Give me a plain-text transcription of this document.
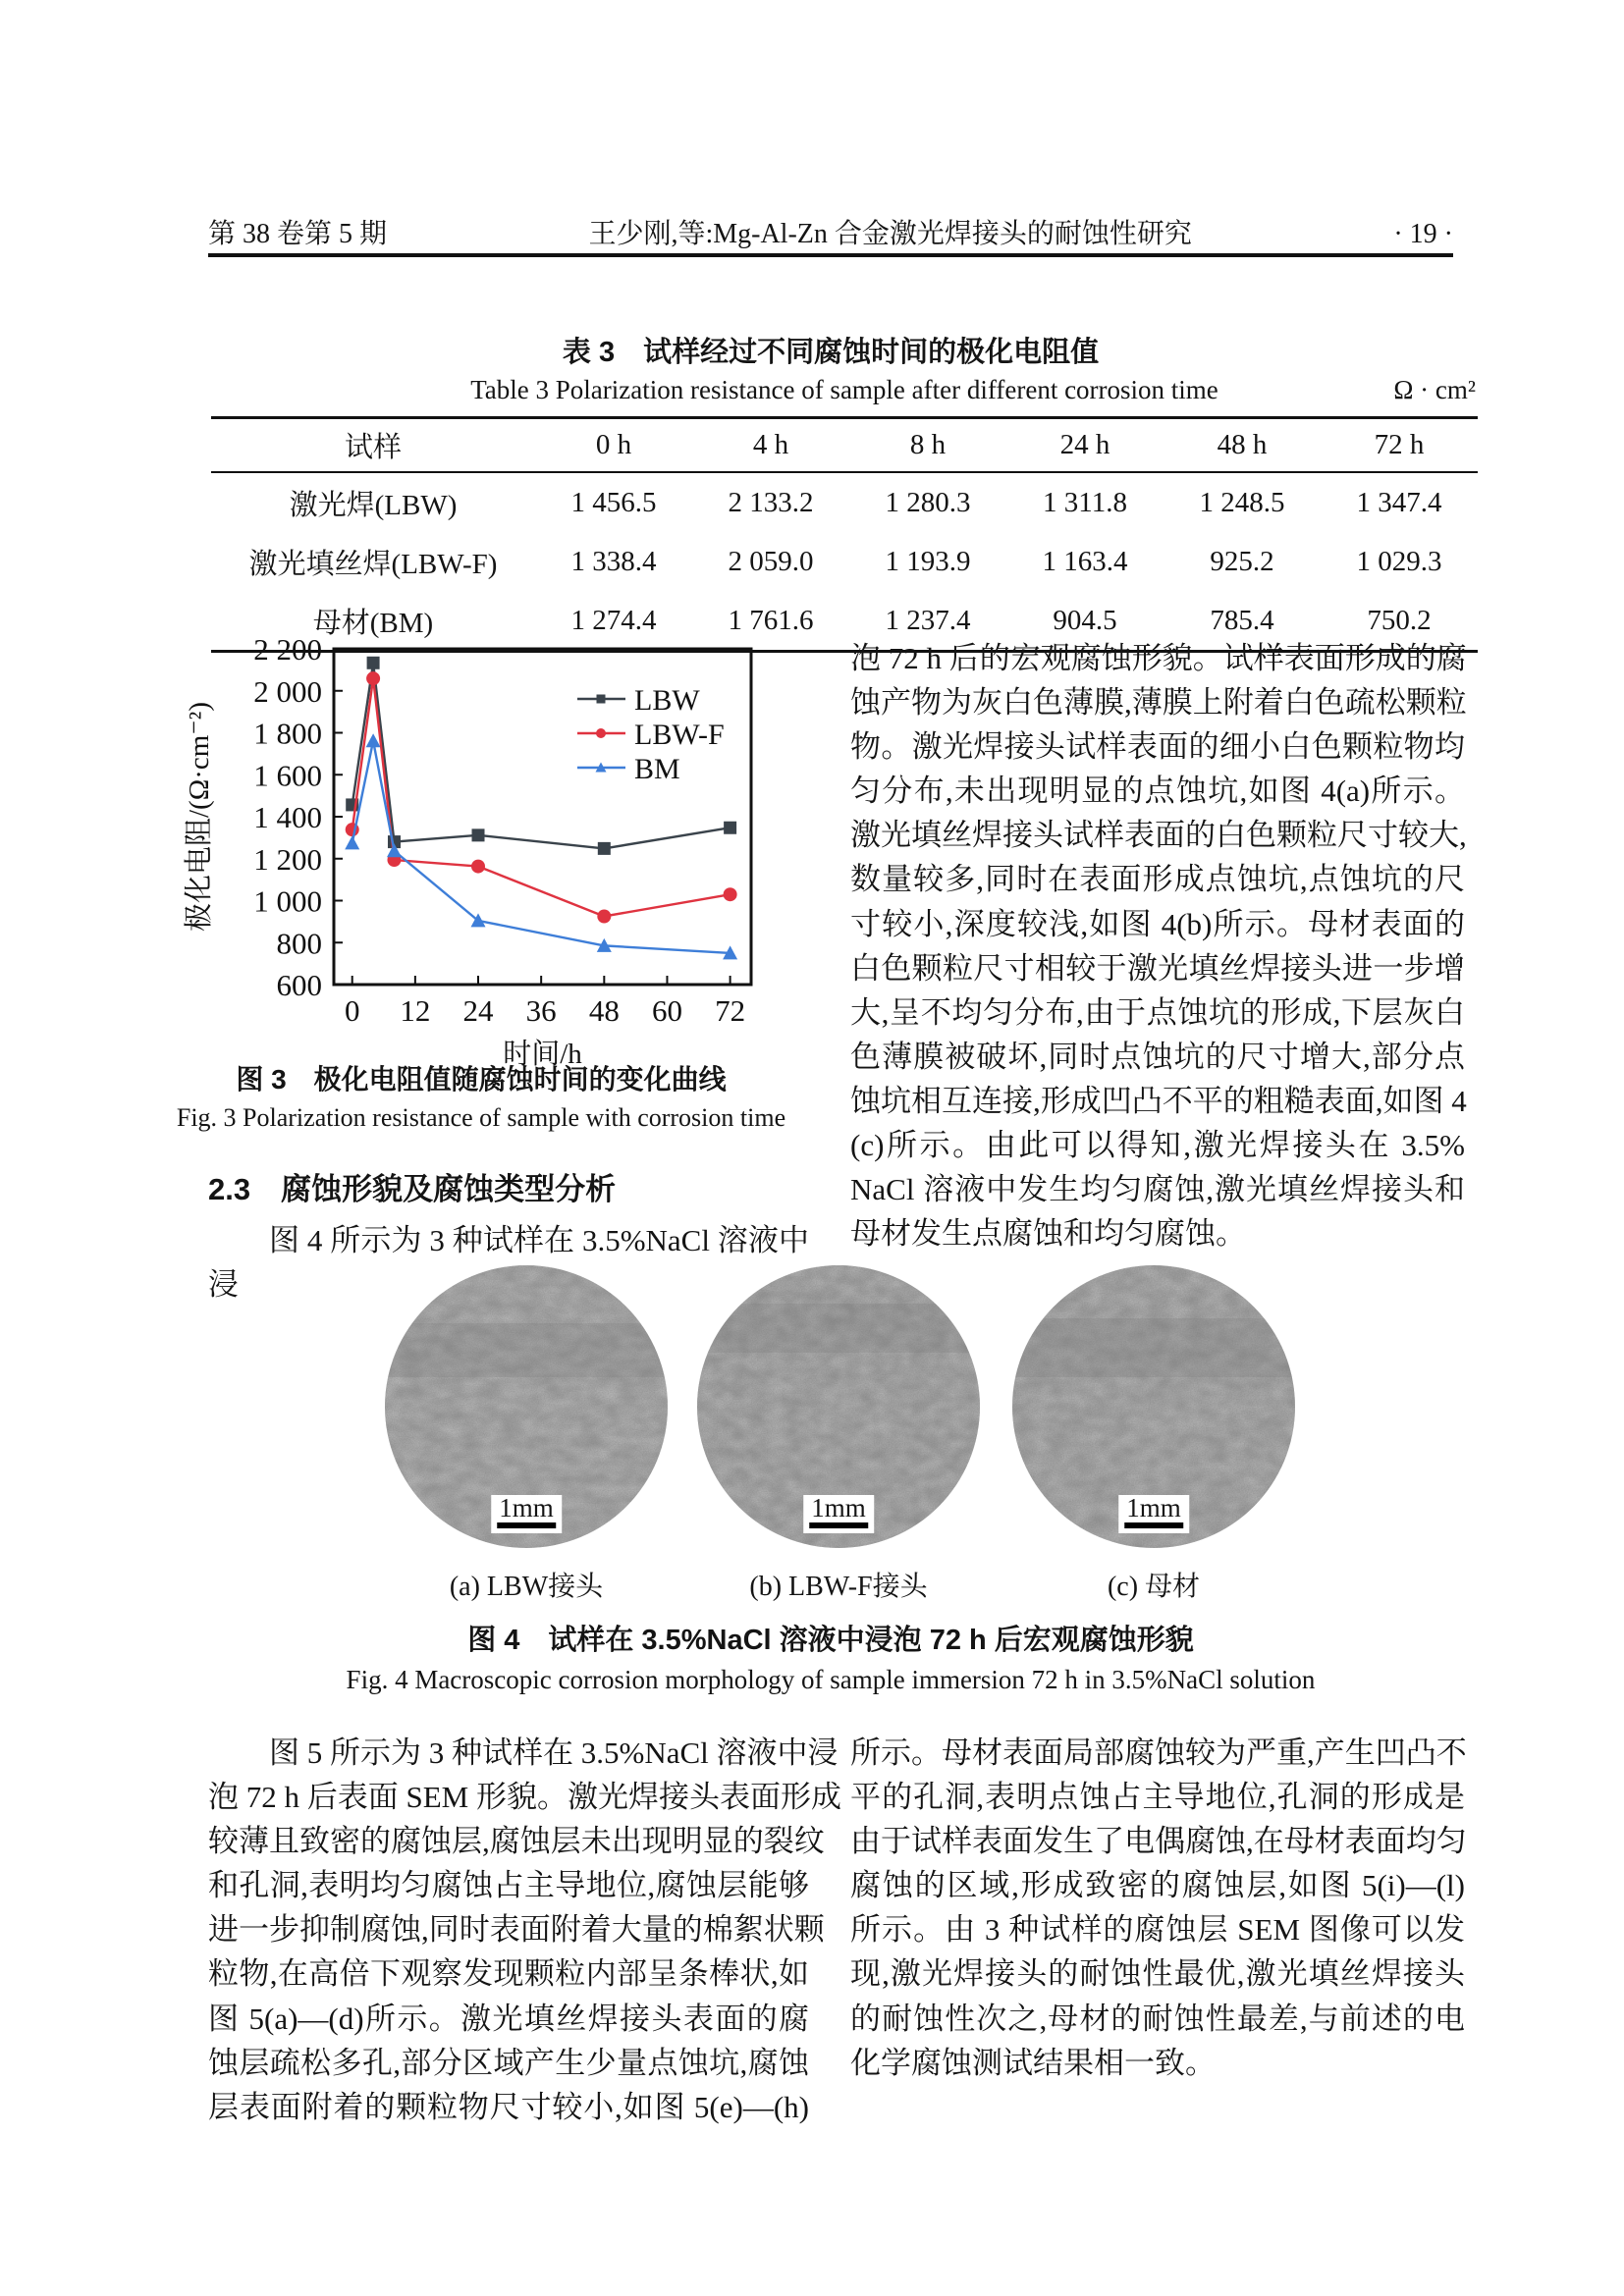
第 38 卷第 5 期	王少刚,等:Mg-Al-Zn 合金激光焊接头的耐蚀性研究	· 19 ·
表 3　试样经过不同腐蚀时间的极化电阻值
Table 3 Polarization resistance of sample after different corrosion time	Ω · cm²
试样	0 h	4 h	8 h	24 h	48 h	72 h
激光焊(LBW)	1 456.5	2 133.2	1 280.3	1 311.8	1 248.5	1 347.4
激光填丝焊(LBW-F)	1 338.4	2 059.0	1 193.9	1 163.4	925.2	1 029.3
母材(BM)	1 274.4	1 761.6	1 237.4	904.5	785.4	750.2
0 12 24 36 48 60 72
600
800
1 000
1 200
1 400
1 600
1 800
2 000
2 200
LBW
LBW-F
BM
时间/h
极化电阻/(Ω·cm⁻²)
图 3　极化电阻值随腐蚀时间的变化曲线
Fig. 3 Polarization resistance of sample with corrosion time
2.3　腐蚀形貌及腐蚀类型分析
图 4 所示为 3 种试样在 3.5%NaCl 溶液中浸
泡 72 h 后的宏观腐蚀形貌。试样表面形成的腐
蚀产物为灰白色薄膜,薄膜上附着白色疏松颗粒
物。激光焊接头试样表面的细小白色颗粒物均
匀分布,未出现明显的点蚀坑,如图 4(a)所示。
激光填丝焊接头试样表面的白色颗粒尺寸较大,
数量较多,同时在表面形成点蚀坑,点蚀坑的尺
寸较小,深度较浅,如图 4(b)所示。母材表面的
白色颗粒尺寸相较于激光填丝焊接头进一步增
大,呈不均匀分布,由于点蚀坑的形成,下层灰白
色薄膜被破坏,同时点蚀坑的尺寸增大,部分点
蚀坑相互连接,形成凹凸不平的粗糙表面,如图 4
(c)所示。由此可以得知,激光焊接头在 3.5%
NaCl 溶液中发生均匀腐蚀,激光填丝焊接头和
母材发生点腐蚀和均匀腐蚀。
1mm	1mm	1mm
(a) LBW接头	(b) LBW-F接头	(c) 母材
图 4　试样在 3.5%NaCl 溶液中浸泡 72 h 后宏观腐蚀形貌
Fig. 4 Macroscopic corrosion morphology of sample immersion 72 h in 3.5%NaCl solution
图 5 所示为 3 种试样在 3.5%NaCl 溶液中浸
泡 72 h 后表面 SEM 形貌。激光焊接头表面形成
较薄且致密的腐蚀层,腐蚀层未出现明显的裂纹
和孔洞,表明均匀腐蚀占主导地位,腐蚀层能够
进一步抑制腐蚀,同时表面附着大量的棉絮状颗
粒物,在高倍下观察发现颗粒内部呈条棒状,如
图 5(a)—(d)所示。激光填丝焊接头表面的腐
蚀层疏松多孔,部分区域产生少量点蚀坑,腐蚀
层表面附着的颗粒物尺寸较小,如图 5(e)—(h)
所示。母材表面局部腐蚀较为严重,产生凹凸不
平的孔洞,表明点蚀占主导地位,孔洞的形成是
由于试样表面发生了电偶腐蚀,在母材表面均匀
腐蚀的区域,形成致密的腐蚀层,如图 5(i)—(l)
所示。由 3 种试样的腐蚀层 SEM 图像可以发
现,激光焊接头的耐蚀性最优,激光填丝焊接头
的耐蚀性次之,母材的耐蚀性最差,与前述的电
化学腐蚀测试结果相一致。
